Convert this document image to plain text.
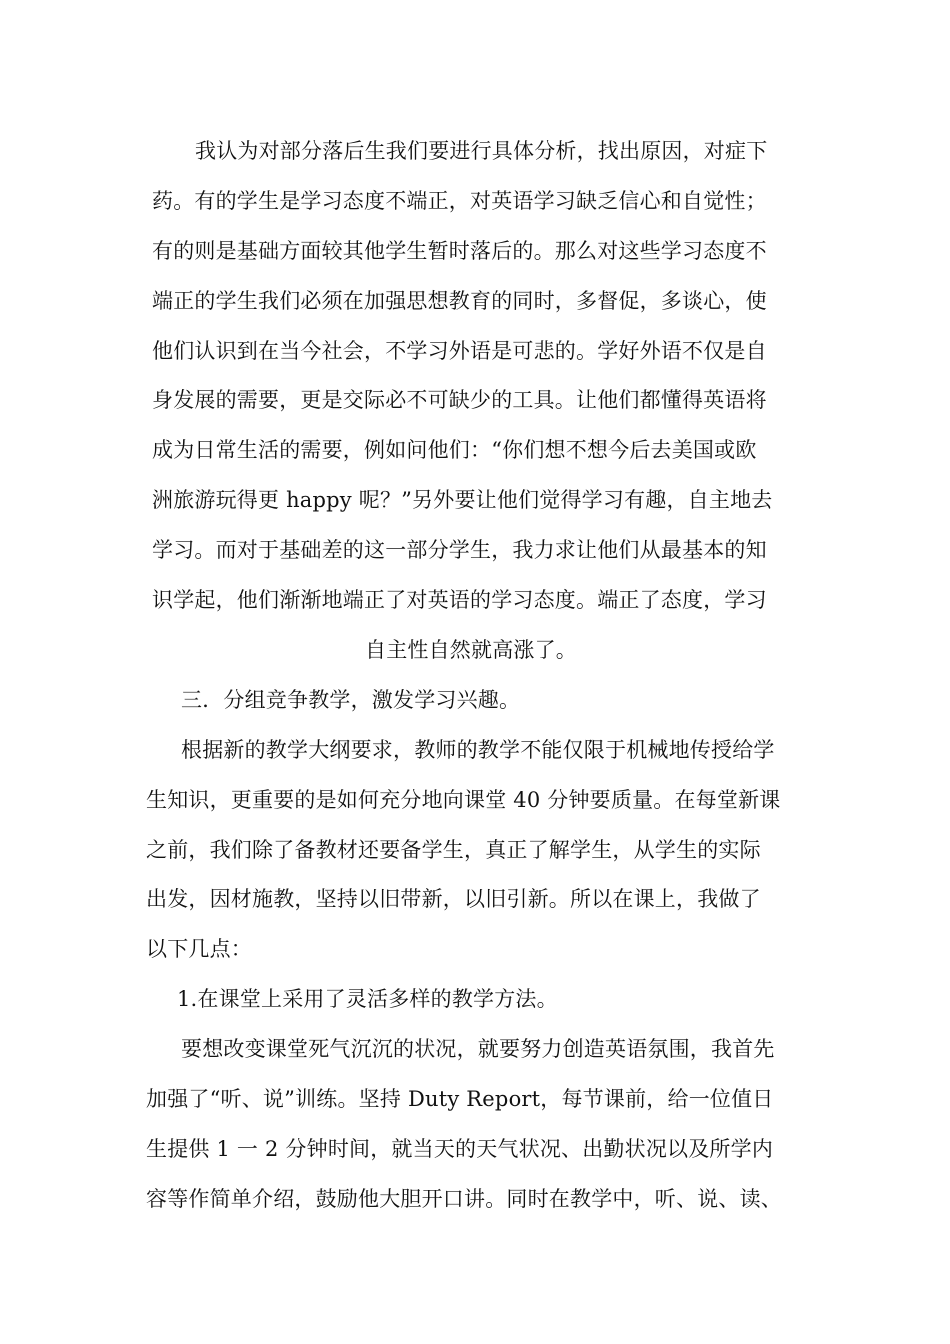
我认为对部分落后生我们要进行具体分析，找出原因，对症下
药。有的学生是学习态度不端正，对英语学习缺乏信心和自觉性；
有的则是基础方面较其他学生暂时落后的。那么对这些学习态度不
端正的学生我们必须在加强思想教育的同时，多督促，多谈心，使
他们认识到在当今社会，不学习外语是可悲的。学好外语不仅是自
身发展的需要，更是交际必不可缺少的工具。让他们都懂得英语将
成为日常生活的需要，例如问他们：“你们想不想今后去美国或欧
洲旅游玩得更 happy 呢？”另外要让他们觉得学习有趣，自主地去
学习。而对于基础差的这一部分学生，我力求让他们从最基本的知
识学起，他们渐渐地端正了对英语的学习态度。端正了态度，学习
自主性自然就高涨了。
三．分组竞争教学，激发学习兴趣。
根据新的教学大纲要求，教师的教学不能仅限于机械地传授给学
生知识，更重要的是如何充分地向课堂 40 分钟要质量。在每堂新课
之前，我们除了备教材还要备学生，真正了解学生，从学生的实际
出发，因材施教，坚持以旧带新，以旧引新。所以在课上，我做了
以下几点：
1.在课堂上采用了灵活多样的教学方法。
要想改变课堂死气沉沉的状况，就要努力创造英语氛围，我首先
加强了“听、说”训练。坚持 Duty Report，每节课前，给一位值日
生提供 1 一 2 分钟时间，就当天的天气状况、出勤状况以及所学内
容等作简单介绍，鼓励他大胆开口讲。同时在教学中，听、说、读、
